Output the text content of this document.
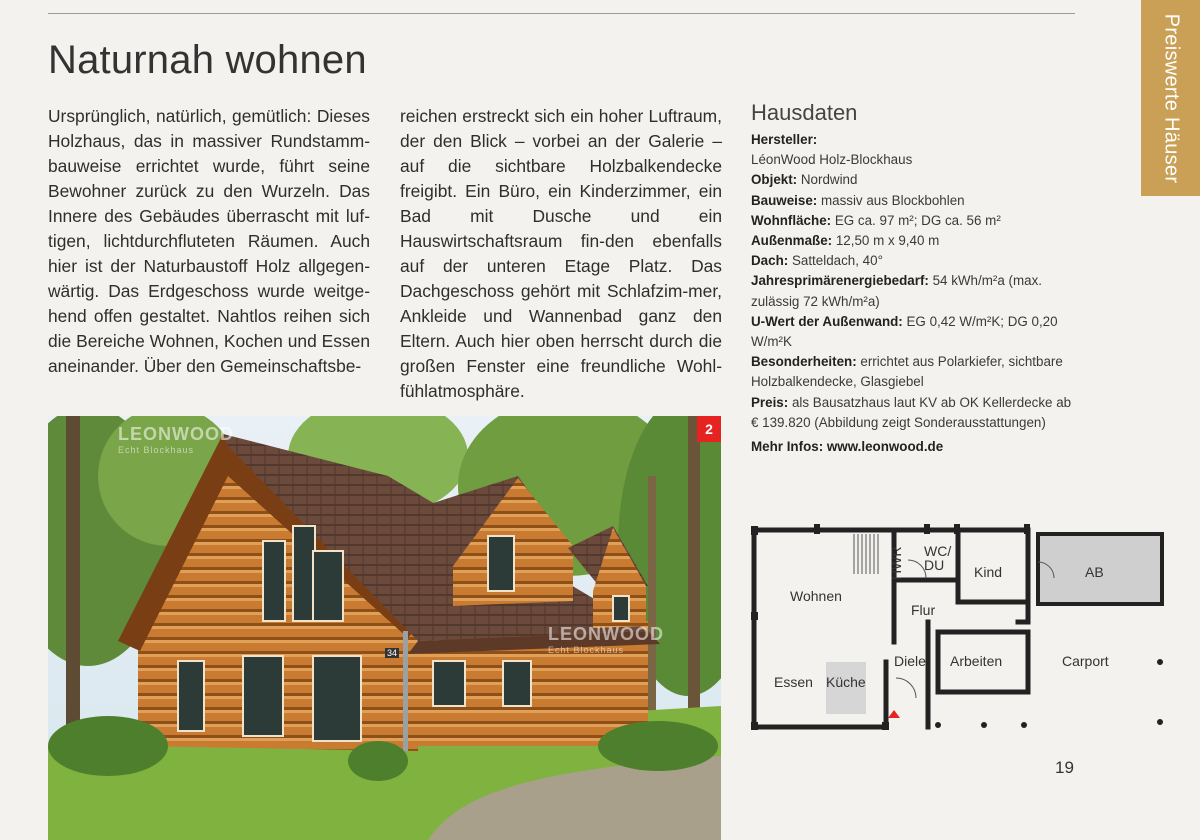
Preiswerte Häuser
Naturnah wohnen

Ursprünglich, natürlich, gemütlich: Dieses Holzhaus, das in massiver Rundstamm-bauweise errichtet wurde, führt seine Bewohner zurück zu den Wurzeln. Das Innere des Gebäudes überrascht mit luf-tigen, lichtdurchfluteten Räumen. Auch hier ist der Naturbaustoff Holz allgegen-wärtig. Das Erdgeschoss wurde weitge-hend offen gestaltet. Nahtlos reihen sich die Bereiche Wohnen, Kochen und Essen aneinander. Über den Gemeinschaftsbe-

reichen erstreckt sich ein hoher Luftraum, der den Blick – vorbei an der Galerie – auf die sichtbare Holzbalkendecke freigibt. Ein Büro, ein Kinderzimmer, ein Bad mit Dusche und ein Hauswirtschaftsraum fin-den ebenfalls auf der unteren Etage Platz. Das Dachgeschoss gehört mit Schlafzim-mer, Ankleide und Wannenbad ganz den Eltern. Auch hier oben herrscht durch die großen Fenster eine freundliche Wohl-fühlatmosphäre.

Hausdaten
Hersteller:
LéonWood Holz-Blockhaus
Objekt: Nordwind
Bauweise: massiv aus Blockbohlen
Wohnfläche: EG ca. 97 m²; DG ca. 56 m²
Außenmaße: 12,50 m x 9,40 m
Dach: Satteldach, 40°
Jahresprimärenergiebedarf: 54 kWh/m²a (max. zulässig 72 kWh/m²a)
U-Wert der Außenwand: EG 0,42 W/m²K; DG 0,20 W/m²K
Besonderheiten: errichtet aus Polarkiefer, sichtbare Holzbalkendecke, Glasgiebel
Preis: als Bausatzhaus laut KV ab OK Kellerdecke ab € 139.820 (Abbildung zeigt Sonderausstattungen)
Mehr Infos: www.leonwood.de
LEONWOOD
Echt Blockhaus
LEONWOOD
Echt Blockhaus
34
2
Wohnen
Essen Küche
HWR WC/
DU	Kind	AB
Flur
Diele Arbeiten	Carport
19
